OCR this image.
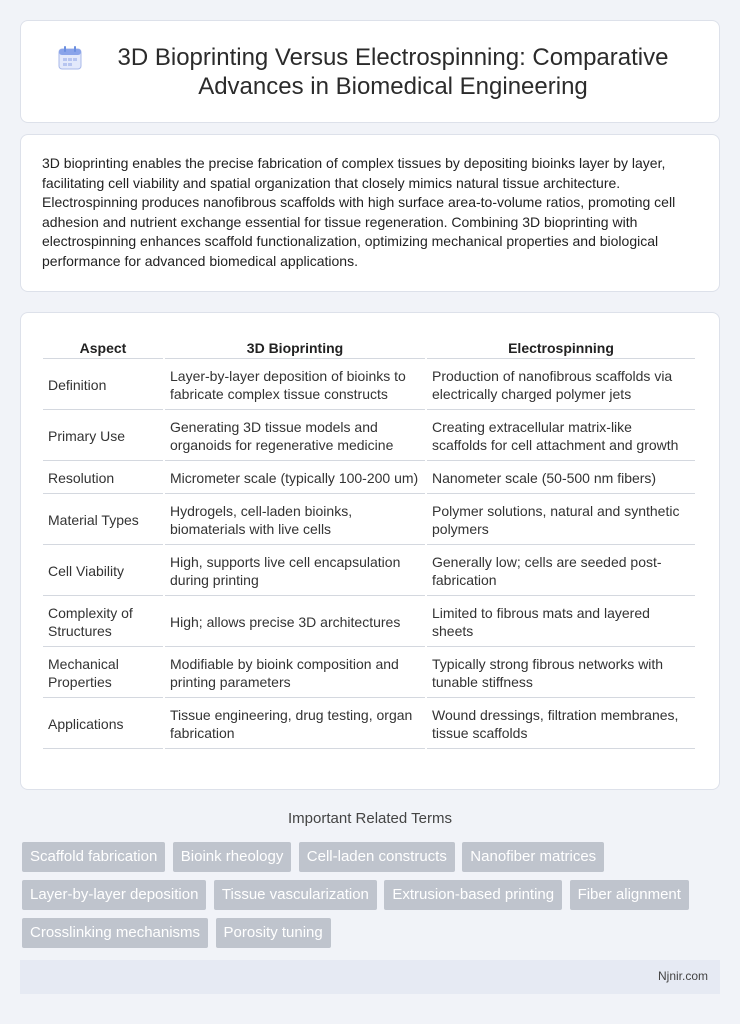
3D Bioprinting Versus Electrospinning: Comparative Advances in Biomedical Engineering

3D bioprinting enables the precise fabrication of complex tissues by depositing bioinks layer by layer, facilitating cell viability and spatial organization that closely mimics natural tissue architecture. Electrospinning produces nanofibrous scaffolds with high surface area-to-volume ratios, promoting cell adhesion and nutrient exchange essential for tissue regeneration. Combining 3D bioprinting with electrospinning enhances scaffold functionalization, optimizing mechanical properties and biological performance for advanced biomedical applications.

Aspect	3D Bioprinting	Electrospinning
Definition	Layer-by-layer deposition of bioinks to fabricate complex tissue constructs	Production of nanofibrous scaffolds via electrically charged polymer jets
Primary Use	Generating 3D tissue models and organoids for regenerative medicine	Creating extracellular matrix-like scaffolds for cell attachment and growth
Resolution	Micrometer scale (typically 100-200 um)	Nanometer scale (50-500 nm fibers)
Material Types	Hydrogels, cell-laden bioinks, biomaterials with live cells	Polymer solutions, natural and synthetic polymers
Cell Viability	High, supports live cell encapsulation during printing	Generally low; cells are seeded post-fabrication
Complexity of Structures	High; allows precise 3D architectures	Limited to fibrous mats and layered sheets
Mechanical Properties	Modifiable by bioink composition and printing parameters	Typically strong fibrous networks with tunable stiffness
Applications	Tissue engineering, drug testing, organ fabrication	Wound dressings, filtration membranes, tissue scaffolds
Important Related Terms
Scaffold fabrication Bioink rheology Cell-laden constructs Nanofiber matrices Layer-by-layer deposition Tissue vascularization Extrusion-based printing Fiber alignment Crosslinking mechanisms Porosity tuning
Njnir.com
